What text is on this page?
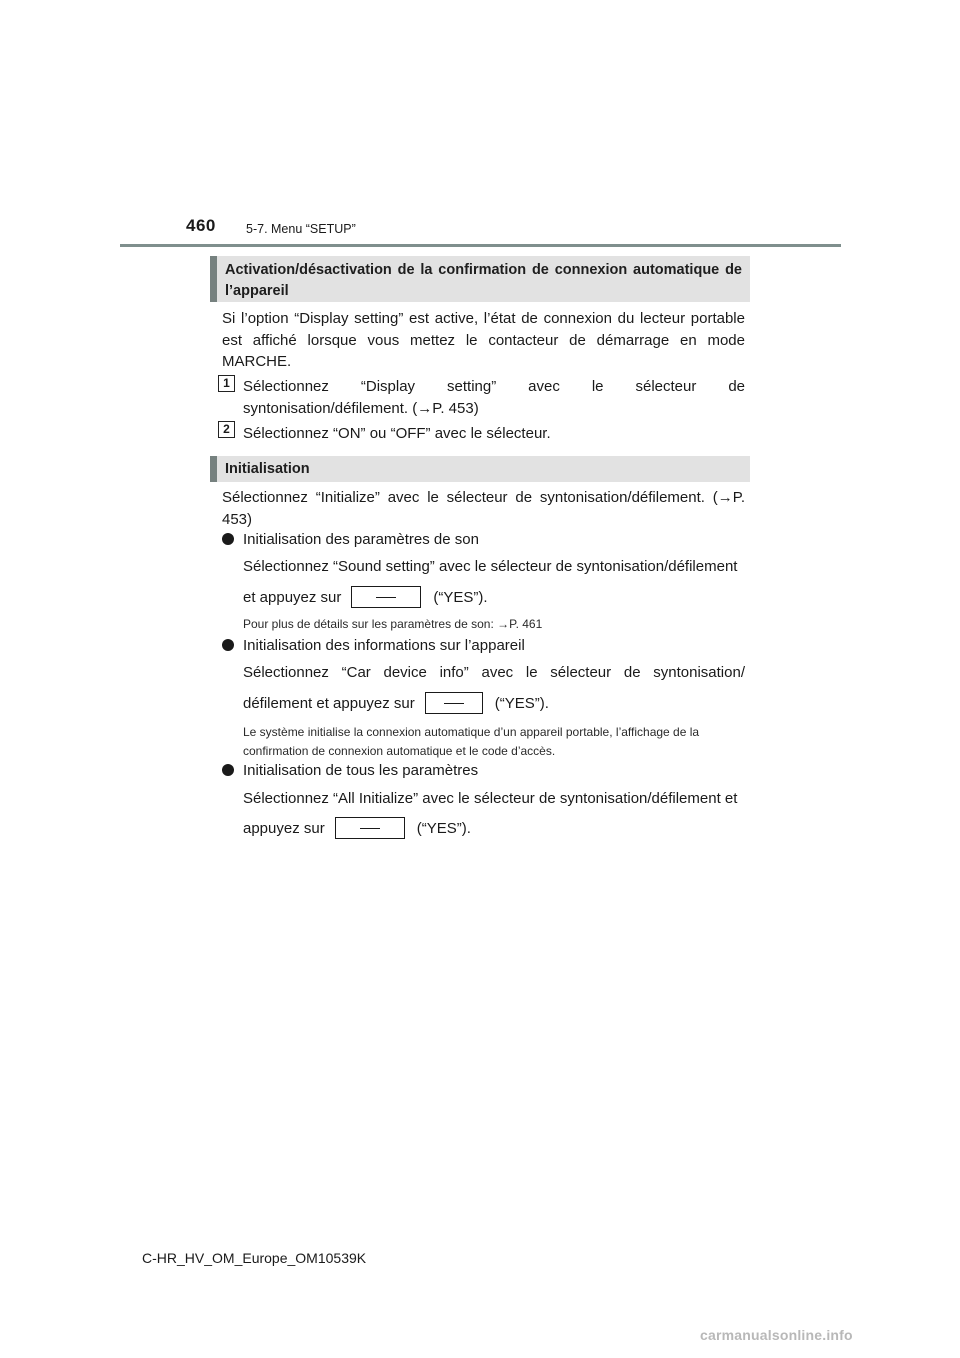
460 5-7. Menu “SETUP”
Activation/désactivation de la confirmation de connexion automatique de
l’appareil
Si l’option “Display setting” est active, l’état de connexion du lecteur portable est affiché lorsque vous mettez le contacteur de démarrage en mode MARCHE.
1 Sélectionnez “Display setting” avec le sélecteur de syntonisation/défilement. (→P. 453)
2 Sélectionnez “ON” ou “OFF” avec le sélecteur.
Initialisation
Sélectionnez “Initialize” avec le sélecteur de syntonisation/défilement. (→P. 453)
Initialisation des paramètres de son
Sélectionnez “Sound setting” avec le sélecteur de syntonisation/défilement
et appuyez sur	(“YES”).
Pour plus de détails sur les paramètres de son: →P. 461
Initialisation des informations sur l’appareil
Sélectionnez “Car device info” avec le sélecteur de syntonisation/
défilement et appuyez sur	(“YES”).
Le système initialise la connexion automatique d’un appareil portable, l’affichage de la confirmation de connexion automatique et le code d’accès.
Initialisation de tous les paramètres
Sélectionnez “All Initialize” avec le sélecteur de syntonisation/défilement et
appuyez sur	(“YES”).
C-HR_HV_OM_Europe_OM10539K
carmanualsonline.info
